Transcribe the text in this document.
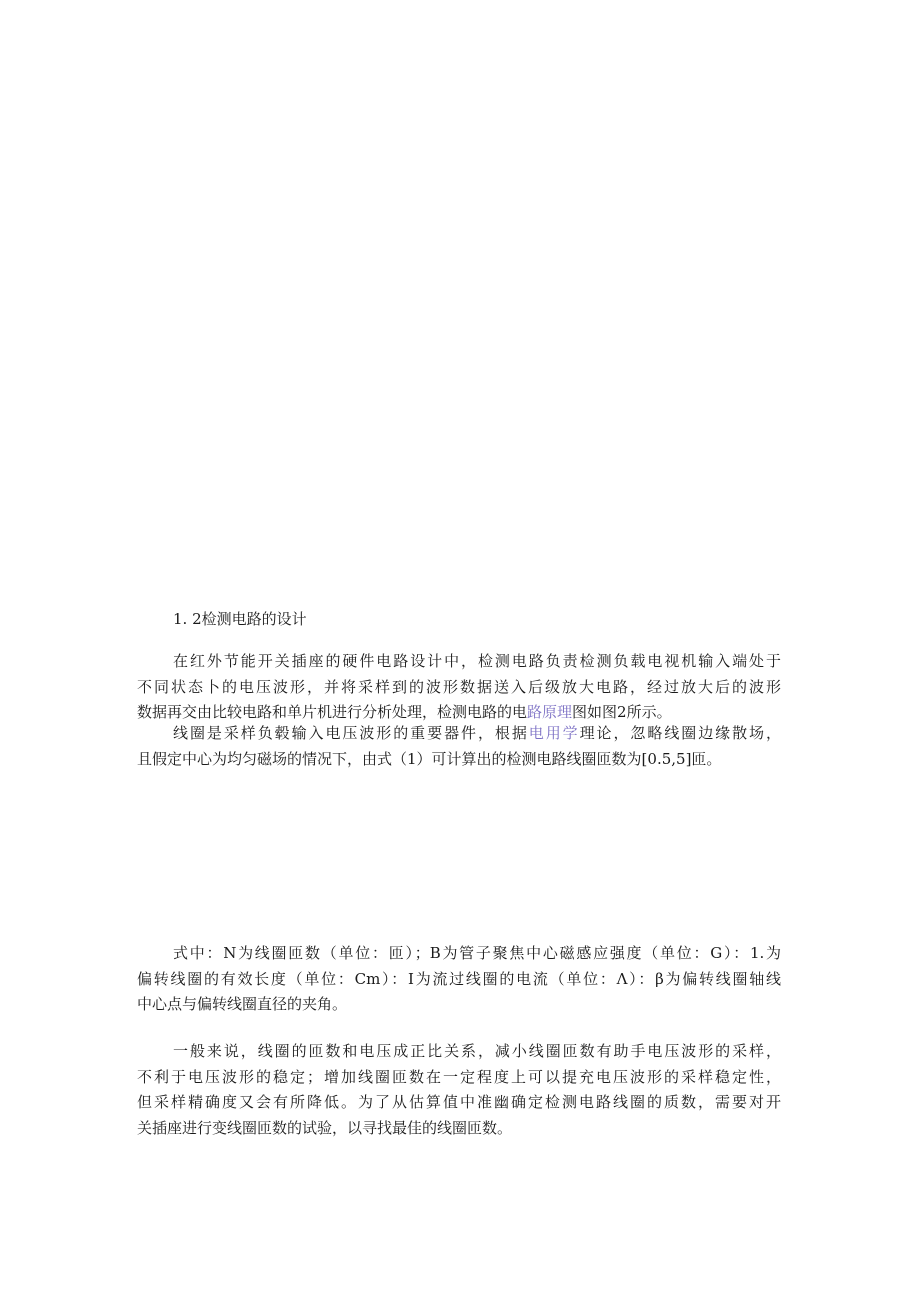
1. 2检测电路的设计
在红外节能开关插座的硬件电路设计中，检测电路负责检测负载电视机输入端处于
不同状态卜的电压波形，并将采样到的波形数据送入后级放大电路，经过放大后的波形
数据再交由比较电路和单片机进行分析处理，检测电路的电路原理图如图2所示。
线圈是采样负毂输入电压波形的重要器件，根据电用学理论，忽略线圈边缘散场，
且假定中心为均匀磁场的情况下，由式（1）可计算出的检测电路线圈匝数为[0.5,5]匝。
式中：N为线圈匝数（单位：匝）；B为管子聚焦中心磁感应强度（单位：G）：1.为
偏转线圈的有效长度（单位：Cm）：I为流过线圈的电流（单位：Λ）：β为偏转线圈轴线
中心点与偏转线圈直径的夹角。
一般来说，线圈的匝数和电压成正比关系，减小线圈匝数有助手电压波形的采样，
不利于电压波形的稳定；增加线圈匝数在一定程度上可以提充电压波形的采样稳定性，
但采样精确度又会有所降低。为了从估算值中准幽确定检测电路线圈的质数，需要对开
关插座进行变线圈匝数的试验，以寻找最佳的线圈匝数。
